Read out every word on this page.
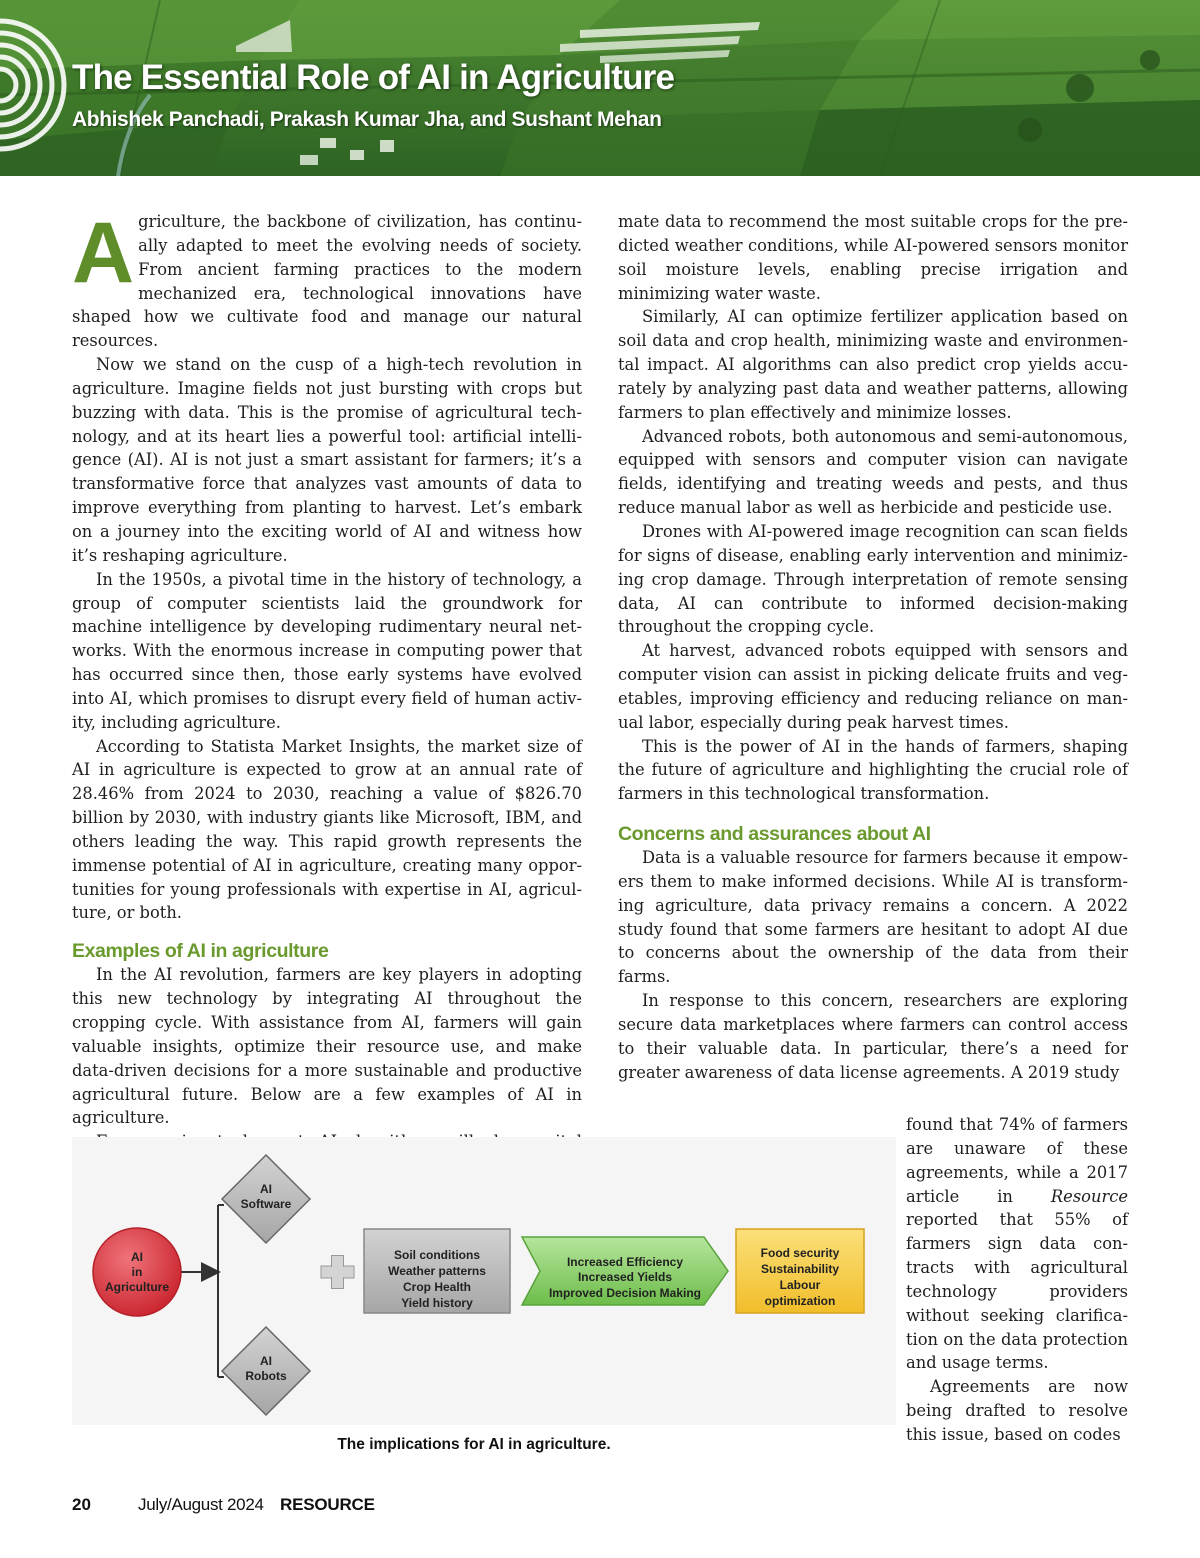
The Essential Role of AI in Agriculture

Abhishek Panchadi, Prakash Kumar Jha, and Sushant Mehan

Agriculture, the backbone of civilization, has continually adapted to meet the evolving needs of society. From ancient farming practices to the modern mechanized era, technological innovations have shaped how we cultivate food and manage our natural resources.

Now we stand on the cusp of a high-tech revolution in agriculture. Imagine fields not just bursting with crops but buzzing with data. This is the promise of agricultural technology, and at its heart lies a powerful tool: artificial intelligence (AI). AI is not just a smart assistant for farmers; it’s a transformative force that analyzes vast amounts of data to improve everything from planting to harvest. Let’s embark on a journey into the exciting world of AI and witness how it’s reshaping agriculture.

In the 1950s, a pivotal time in the history of technology, a group of computer scientists laid the groundwork for machine intelligence by developing rudimentary neural networks. With the enormous increase in computing power that has occurred since then, those early systems have evolved into AI, which promises to disrupt every field of human activity, including agriculture.

According to Statista Market Insights, the market size of AI in agriculture is expected to grow at an annual rate of 28.46% from 2024 to 2030, reaching a value of $826.70 billion by 2030, with industry giants like Microsoft, IBM, and others leading the way. This rapid growth represents the immense potential of AI in agriculture, creating many opportunities for young professionals with expertise in AI, agriculture, or both.

Examples of AI in agriculture

In the AI revolution, farmers are key players in adopting this new technology by integrating AI throughout the cropping cycle. With assistance from AI, farmers will gain valuable insights, optimize their resource use, and make data-driven decisions for a more sustainable and productive agricultural future. Below are a few examples of AI in agriculture.

mate data to recommend the most suitable crops for the predicted weather conditions, while AI-powered sensors monitor soil moisture levels, enabling precise irrigation and minimizing water waste.

Similarly, AI can optimize fertilizer application based on soil data and crop health, minimizing waste and environmental impact. AI algorithms can also predict crop yields accurately by analyzing past data and weather patterns, allowing farmers to plan effectively and minimize losses.

Advanced robots, both autonomous and semi-autonomous, equipped with sensors and computer vision can navigate fields, identifying and treating weeds and pests, and thus reduce manual labor as well as herbicide and pesticide use.

Drones with AI-powered image recognition can scan fields for signs of disease, enabling early intervention and minimizing crop damage. Through interpretation of remote sensing data, AI can contribute to informed decision-making throughout the cropping cycle.

At harvest, advanced robots equipped with sensors and computer vision can assist in picking delicate fruits and vegetables, improving efficiency and reducing reliance on manual labor, especially during peak harvest times.

This is the power of AI in the hands of farmers, shaping the future of agriculture and highlighting the crucial role of farmers in this technological transformation.

Concerns and assurances about AI

Data is a valuable resource for farmers because it empowers them to make informed decisions. While AI is transforming agriculture, data privacy remains a concern. A 2022 study found that some farmers are hesitant to adopt AI due to concerns about the ownership of the data from their farms.

In response to this concern, researchers are exploring secure data marketplaces where farmers can control access to their valuable data. In particular, there’s a need for greater awareness of data license agreements. A 2019 study

found that 74% of farmers are unaware of these agreements, while a 2017 article in Resource reported that 55% of farmers sign data contracts with agricultural technology providers without seeking clarification on the data protection and usage terms.

Agreements are now being drafted to resolve this issue, based on codes

AI
in
Agriculture
AI
Software
AI
Robots
Soil conditions
Weather patterns
Crop Health
Yield history
Increased Efficiency
Increased Yields
Improved Decision Making
Food security
Sustainability
Labour
optimization

The implications for AI in agriculture.

20	July/August 2024 RESOURCE
